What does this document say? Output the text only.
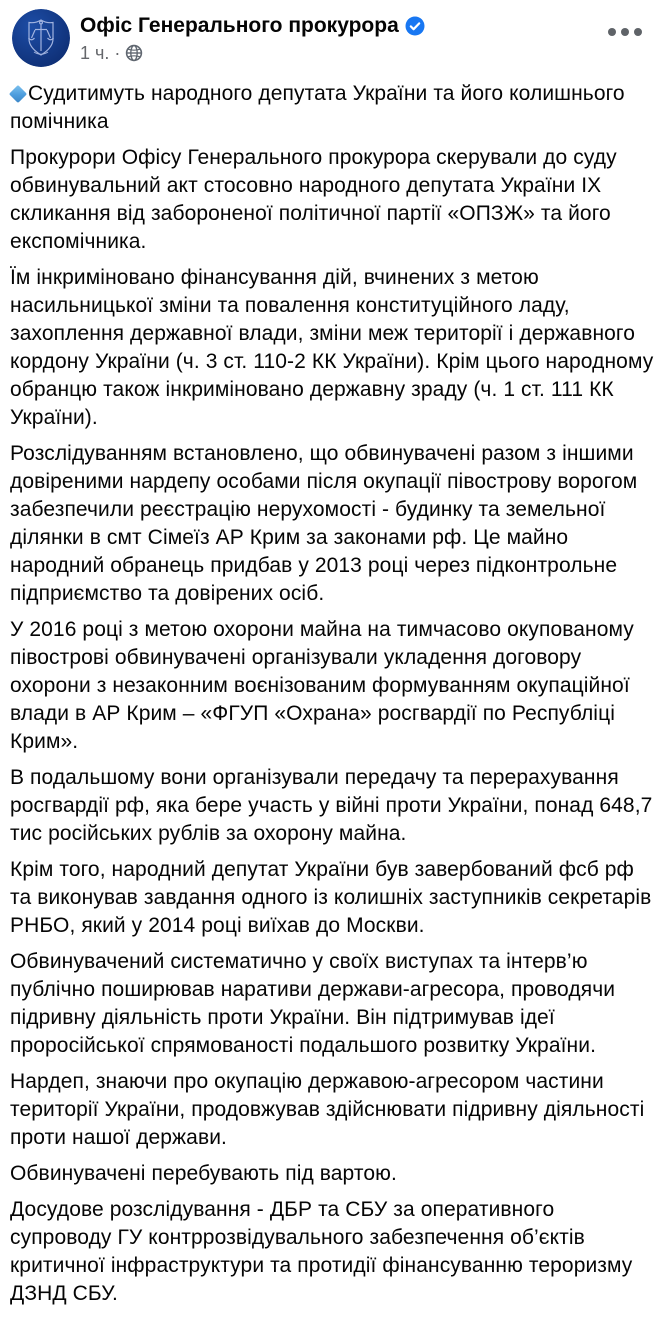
Офіс Генерального прокурора
1 ч. ·

Судитимуть народного депутата України та його колишнього помічника

Прокурори Офісу Генерального прокурора скерували до суду обвинувальний акт стосовно народного депутата України ІХ скликання від забороненої політичної партії «ОПЗЖ» та його експомічника.

Їм інкриміновано фінансування дій, вчинених з метою насильницької зміни та повалення конституційного ладу, захоплення державної влади, зміни меж території і державного кордону України (ч. 3 ст. 110-2 КК України). Крім цього народному обранцю також інкриміновано державну зраду (ч. 1 ст. 111 КК України).

Розслідуванням встановлено, що обвинувачені разом з іншими довіреними нардепу особами після окупації півострову ворогом забезпечили реєстрацію нерухомості - будинку та земельної ділянки в смт Сімеїз АР Крим за законами рф. Це майно народний обранець придбав у 2013 році через підконтрольне підприємство та довірених осіб.

У 2016 році з метою охорони майна на тимчасово окупованому півострові обвинувачені організували укладення договору охорони з незаконним воєнізованим формуванням окупаційної влади в АР Крим – «ФГУП «Охрана» росгвардії по Республіці Крим».

В подальшому вони організували передачу та перерахування росгвардії рф, яка бере участь у війні проти України, понад 648,7 тис російських рублів за охорону майна.

Крім того, народний депутат України був завербований фсб рф та виконував завдання одного із колишніх заступників секретарів РНБО, який у 2014 році виїхав до Москви.

Обвинувачений систематично у своїх виступах та інтерв’ю публічно поширював наративи держави-агресора, проводячи підривну діяльність проти України. Він підтримував ідеї проросійської спрямованості подальшого розвитку України.

Нардеп, знаючи про окупацію державою-агресором частини території України, продовжував здійснювати підривну діяльності проти нашої держави.

Обвинувачені перебувають під вартою.

Досудове розслідування - ДБР та СБУ за оперативного супроводу ГУ контррозвідувального забезпечення об’єктів критичної інфраструктури та протидії фінансуванню тероризму ДЗНД СБУ.
